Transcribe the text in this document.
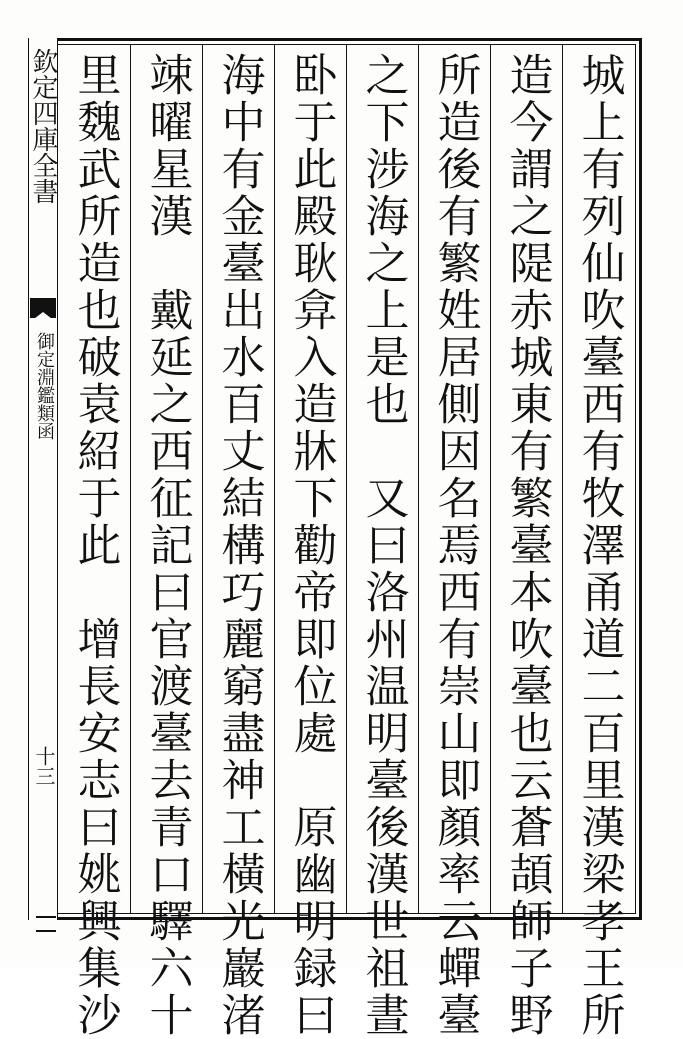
欽定四庫全書
御定淵鑑類函
十三	城上有列仙吹臺西有牧澤甬道二百里漢梁孝王所
造今謂之隄赤城東有繁臺本吹臺也云蒼頡師子野
所造後有繁姓居側因名焉西有崇山即顏率云蟬臺
之下涉海之上是也　又曰洛州温明臺後漢世祖晝
卧于此殿耿弇入造牀下勸帝即位處　原幽明録曰
海中有金臺出水百丈結構巧麗窮盡神工橫光巖渚
竦曜星漢　戴延之西征記曰官渡臺去青口驛六十
里魏武所造也破袁紹于此　增長安志曰姚興集沙
